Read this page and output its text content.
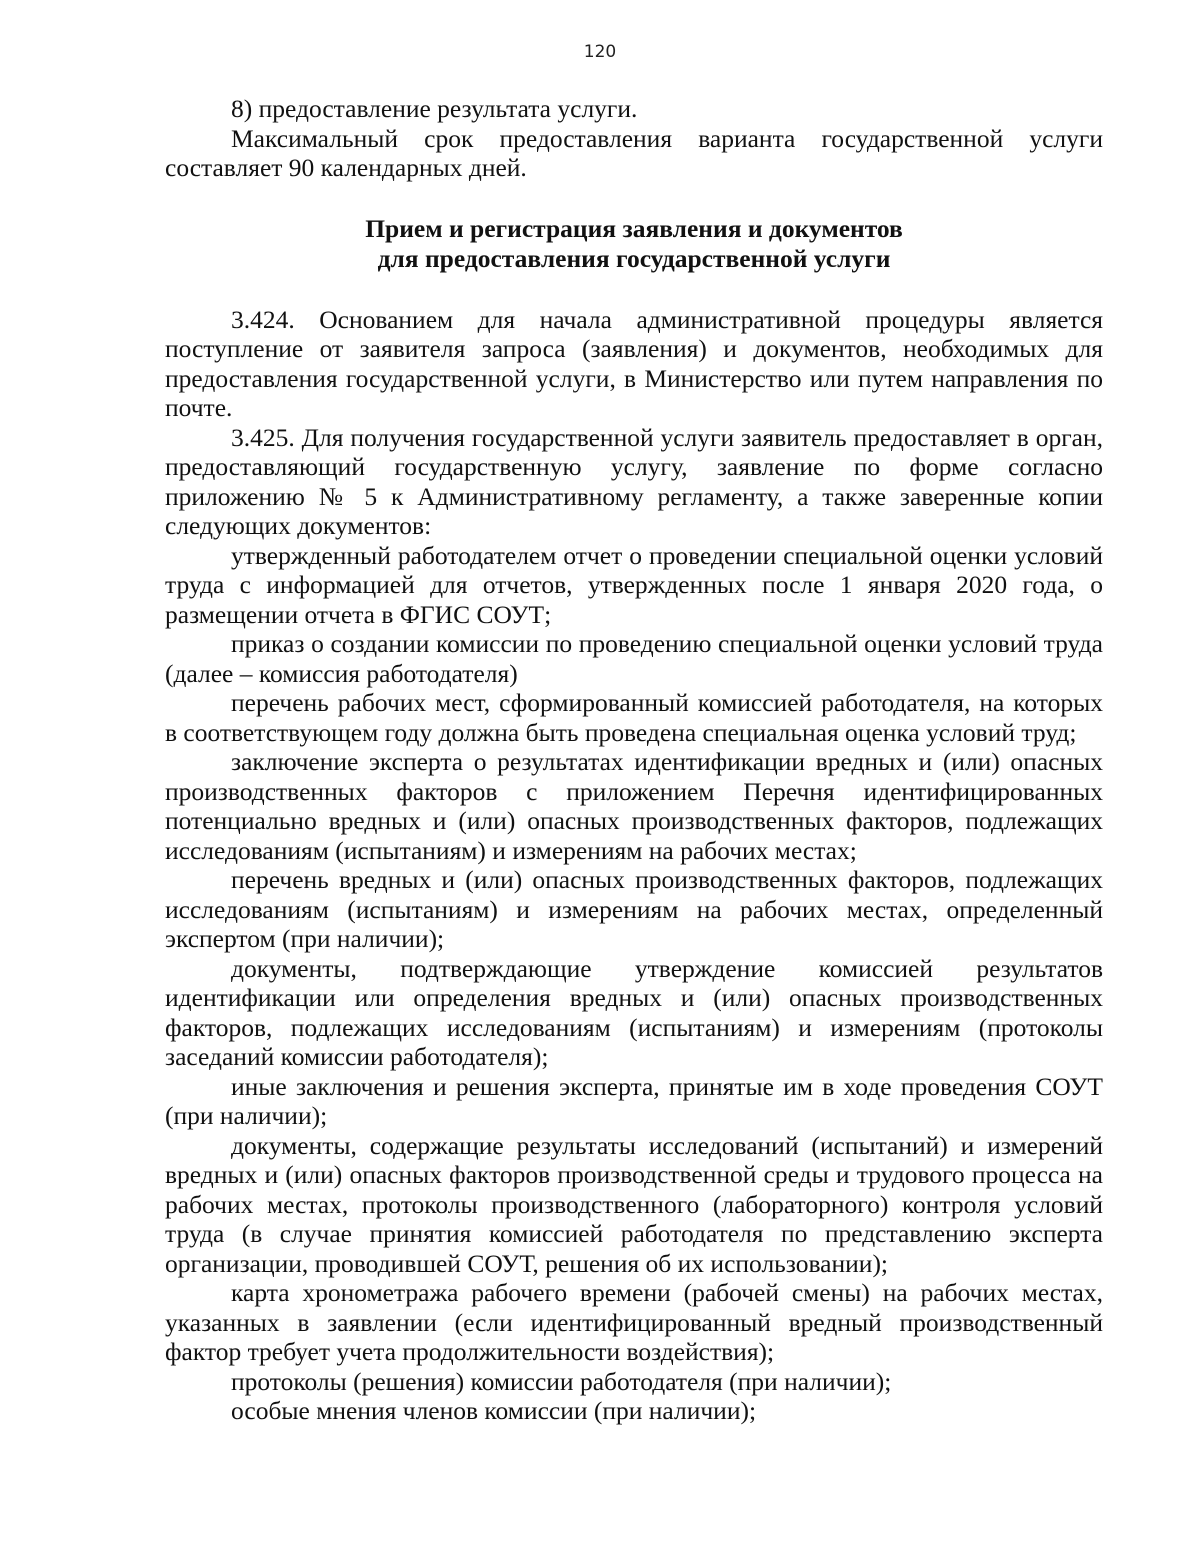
120

8) предоставление результата услуги.

Максимальный срок предоставления варианта государственной услуги составляет 90 календарных дней.

Прием и регистрация заявления и документов
для предоставления государственной услуги

3.424. Основанием для начала административной процедуры является поступление от заявителя запроса (заявления) и документов, необходимых для предоставления государственной услуги, в Министерство или путем направления по почте.

3.425. Для получения государственной услуги заявитель предоставляет в орган, предоставляющий государственную услугу, заявление по форме согласно приложению № 5 к Административному регламенту, а также заверенные копии следующих документов:

утвержденный работодателем отчет о проведении специальной оценки условий труда с информацией для отчетов, утвержденных после 1 января 2020 года, о размещении отчета в ФГИС СОУТ;

приказ о создании комиссии по проведению специальной оценки условий труда (далее – комиссия работодателя)

перечень рабочих мест, сформированный комиссией работодателя, на которых в соответствующем году должна быть проведена специальная оценка условий труд;

заключение эксперта о результатах идентификации вредных и (или) опасных производственных факторов с приложением Перечня идентифицированных потенциально вредных и (или) опасных производственных факторов, подлежащих исследованиям (испытаниям) и измерениям на рабочих местах;

перечень вредных и (или) опасных производственных факторов, подлежащих исследованиям (испытаниям) и измерениям на рабочих местах, определенный экспертом (при наличии);

документы, подтверждающие утверждение комиссией результатов идентификации или определения вредных и (или) опасных производственных факторов, подлежащих исследованиям (испытаниям) и измерениям (протоколы заседаний комиссии работодателя);

иные заключения и решения эксперта, принятые им в ходе проведения СОУТ (при наличии);

документы, содержащие результаты исследований (испытаний) и измерений вредных и (или) опасных факторов производственной среды и трудового процесса на рабочих местах, протоколы производственного (лабораторного) контроля условий труда (в случае принятия комиссией работодателя по представлению эксперта организации, проводившей СОУТ, решения об их использовании);

карта хронометража рабочего времени (рабочей смены) на рабочих местах, указанных в заявлении (если идентифицированный вредный производственный фактор требует учета продолжительности воздействия);

протоколы (решения) комиссии работодателя (при наличии);

особые мнения членов комиссии (при наличии);
